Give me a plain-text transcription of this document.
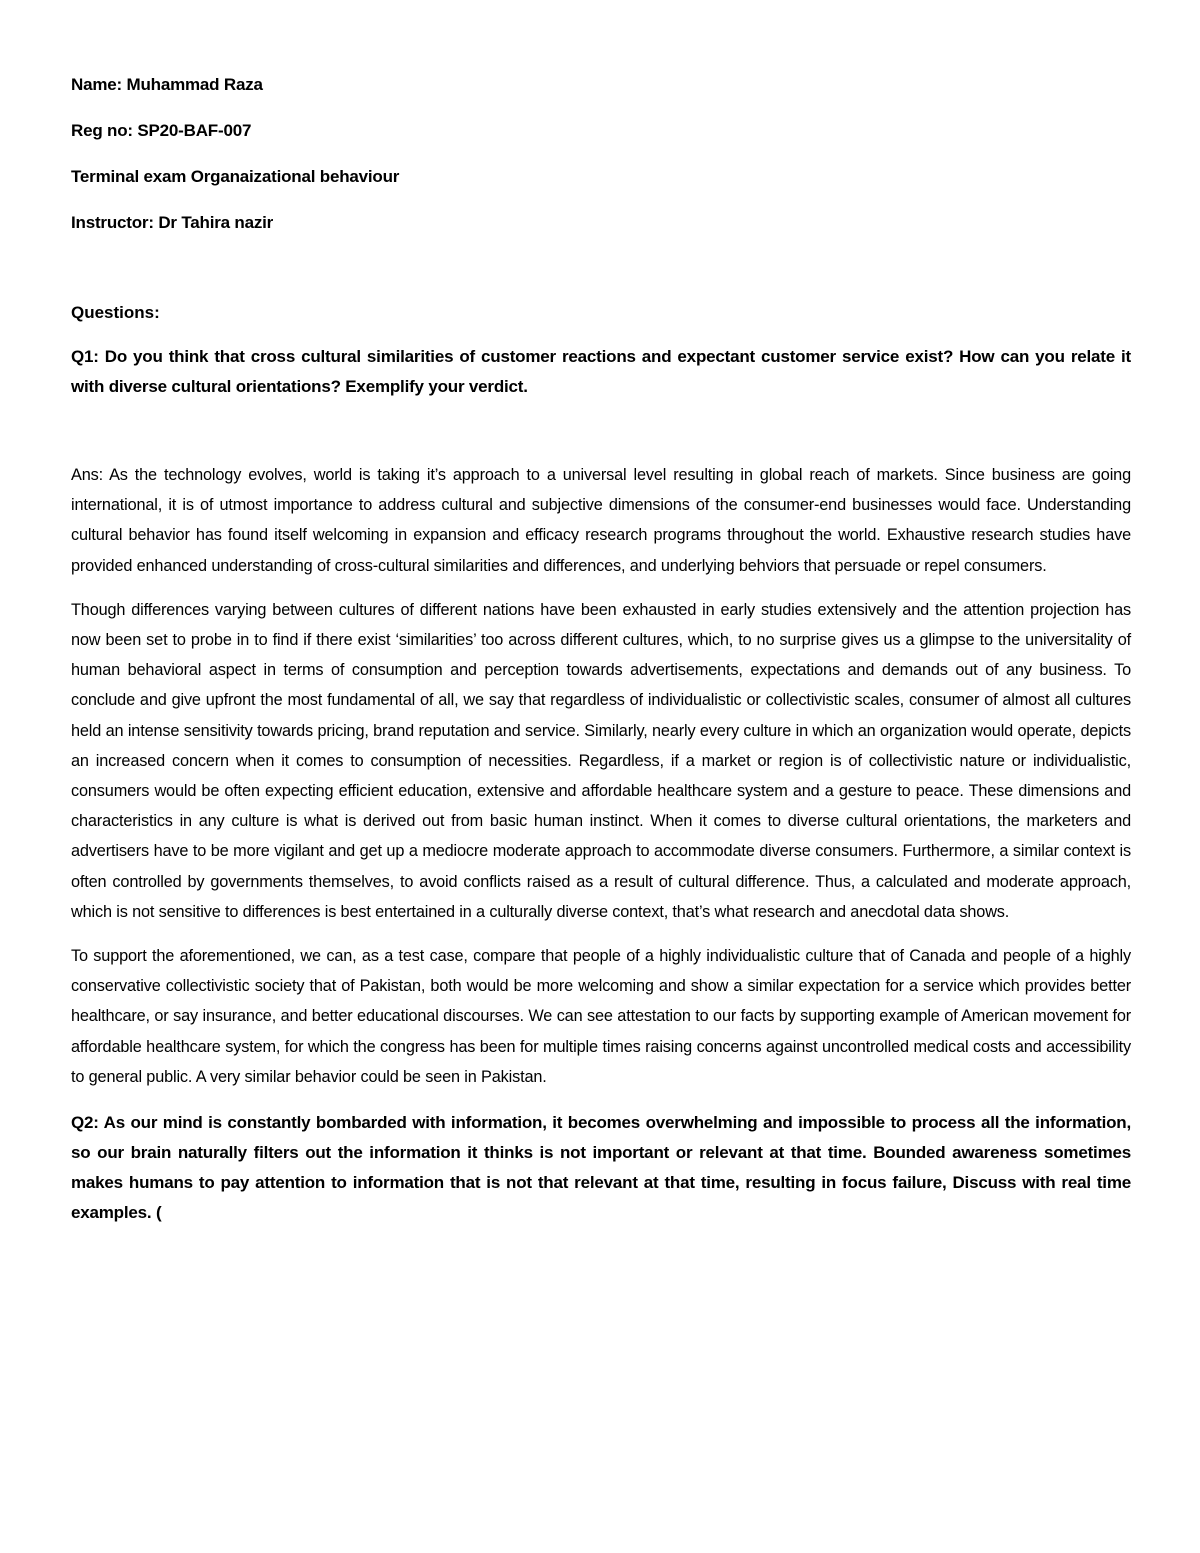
Name: Muhammad Raza

Reg no: SP20-BAF-007

Terminal exam Organaizational behaviour

Instructor: Dr Tahira nazir

Questions:

Q1: Do you think that cross cultural similarities of customer reactions and expectant customer service exist? How can you relate it with diverse cultural orientations? Exemplify your verdict.

Ans: As the technology evolves, world is taking it’s approach to a universal level resulting in global reach of markets. Since business are going international, it is of utmost importance to address cultural and subjective dimensions of the consumer-end businesses would face. Understanding cultural behavior has found itself welcoming in expansion and efficacy research programs throughout the world. Exhaustive research studies have provided enhanced understanding of cross-cultural similarities and differences, and underlying behviors that persuade or repel consumers.

Though differences varying between cultures of different nations have been exhausted in early studies extensively and the attention projection has now been set to probe in to find if there exist ‘similarities’ too across different cultures, which, to no surprise gives us a glimpse to the universitality of human behavioral aspect in terms of consumption and perception towards advertisements, expectations and demands out of any business. To conclude and give upfront the most fundamental of all, we say that regardless of individualistic or collectivistic scales, consumer of almost all cultures held an intense sensitivity towards pricing, brand reputation and service. Similarly, nearly every culture in which an organization would operate, depicts an increased concern when it comes to consumption of necessities. Regardless, if a market or region is of collectivistic nature or individualistic, consumers would be often expecting efficient education, extensive and affordable healthcare system and a gesture to peace. These dimensions and characteristics in any culture is what is derived out from basic human instinct. When it comes to diverse cultural orientations, the marketers and advertisers have to be more vigilant and get up a mediocre moderate approach to accommodate diverse consumers. Furthermore, a similar context is often controlled by governments themselves, to avoid conflicts raised as a result of cultural difference. Thus, a calculated and moderate approach, which is not sensitive to differences is best entertained in a culturally diverse context, that’s what research and anecdotal data shows.

To support the aforementioned, we can, as a test case, compare that people of a highly individualistic culture that of Canada and people of a highly conservative collectivistic society that of Pakistan, both would be more welcoming and show a similar expectation for a service which provides better healthcare, or say insurance, and better educational discourses. We can see attestation to our facts by supporting example of American movement for affordable healthcare system, for which the congress has been for multiple times raising concerns against uncontrolled medical costs and accessibility to general public. A very similar behavior could be seen in Pakistan.

Q2: As our mind is constantly bombarded with information, it becomes overwhelming and impossible to process all the information, so our brain naturally filters out the information it thinks is not important or relevant at that time. Bounded awareness sometimes makes humans to pay attention to information that is not that relevant at that time, resulting in focus failure, Discuss with real time examples. (
